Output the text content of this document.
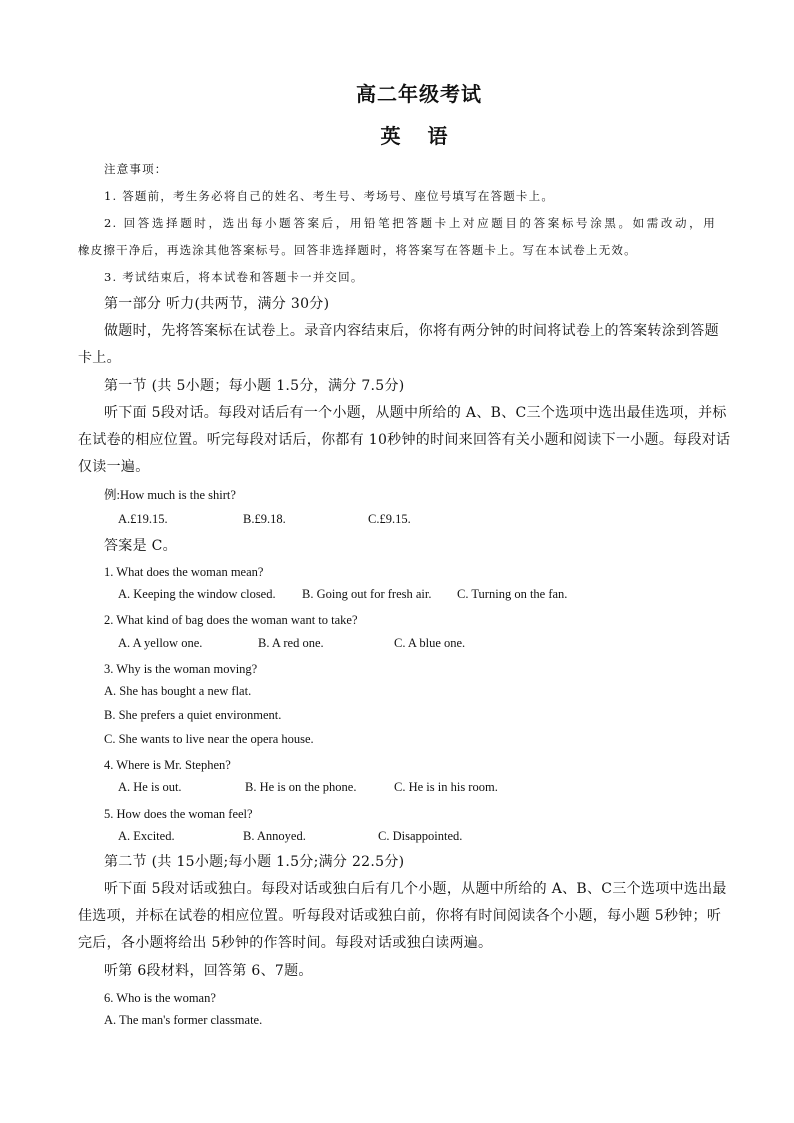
高二年级考试
英 语
注意事项：
1. 答题前，考生务必将自己的姓名、考生号、考场号、座位号填写在答题卡上。
2. 回答选择题时，选出每小题答案后，用铅笔把答题卡上对应题目的答案标号涂黑。如需改动，用
橡皮擦干净后，再选涂其他答案标号。回答非选择题时，将答案写在答题卡上。写在本试卷上无效。
3. 考试结束后，将本试卷和答题卡一并交回。
第一部分 听力(共两节，满分 30分)
做题时，先将答案标在试卷上。录音内容结束后，你将有两分钟的时间将试卷上的答案转涂到答题
卡上。
第一节 (共 5小题；每小题 1.5分，满分 7.5分)
听下面 5段对话。每段对话后有一个小题，从题中所给的 A、B、C三个选项中选出最佳选项，并标
在试卷的相应位置。听完每段对话后，你都有 10秒钟的时间来回答有关小题和阅读下一小题。每段对话
仅读一遍。
例:How much is the shirt?
A.£19.15.	B.£9.18.	C.£9.15.
答案是 C。
1. What does the woman mean?
A. Keeping the window closed. B. Going out for fresh air. C. Turning on the fan.
2. What kind of bag does the woman want to take?
A. A yellow one.	B. A red one.	C. A blue one.
3. Why is the woman moving?
A. She has bought a new flat.
B. She prefers a quiet environment.
C. She wants to live near the opera house.
4. Where is Mr. Stephen?
A. He is out.	B. He is on the phone.	C. He is in his room.
5. How does the woman feel?
A. Excited.	B. Annoyed.	C. Disappointed.
第二节 (共 15小题;每小题 1.5分;满分 22.5分)
听下面 5段对话或独白。每段对话或独白后有几个小题，从题中所给的 A、B、C三个选项中选出最
佳选项，并标在试卷的相应位置。听每段对话或独白前，你将有时间阅读各个小题，每小题 5秒钟；听
完后，各小题将给出 5秒钟的作答时间。每段对话或独白读两遍。
听第 6段材料，回答第 6、7题。
6. Who is the woman?
A. The man's former classmate.
